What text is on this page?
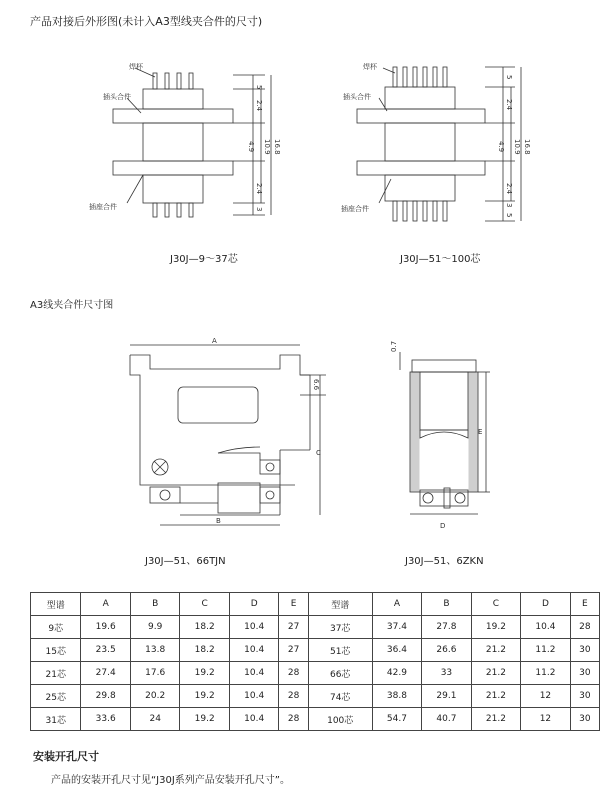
产品对接后外形图(未计入A3型线夹合件的尺寸)
焊杯
插头合件
插座合件
5
2.4
4.9 10.9 16.8
2.4
3
J30J—9～37芯
焊杯
插头合件
插座合件
5
2.4
4.9 10.9 16.8
2.4
3
5
J30J—51～100芯
A3线夹合件尺寸图
A
B
C
6.6
J30J—51、66TJN
0.7
D
E
J30J—51、6ZKN
型谱	A	B	C	D	E	型谱	A	B	C	D	E
9芯	19.6	9.9	18.2	10.4	27	37芯	37.4	27.8	19.2	10.4	28
15芯	23.5	13.8	18.2	10.4	27	51芯	36.4	26.6	21.2	11.2	30
21芯	27.4	17.6	19.2	10.4	28	66芯	42.9	33	21.2	11.2	30
25芯	29.8	20.2	19.2	10.4	28	74芯	38.8	29.1	21.2	12	30
31芯	33.6	24	19.2	10.4	28	100芯	54.7	40.7	21.2	12	30
安装开孔尺寸
产品的安装开孔尺寸见“J30J系列产品安装开孔尺寸”。
